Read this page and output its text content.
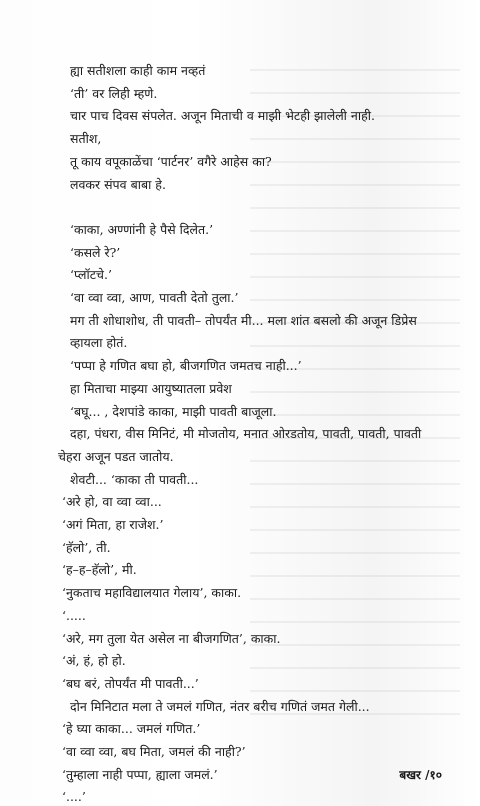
ह्या सतीशला काही काम नव्हतं
‘ती’ वर लिही म्हणे.
चार पाच दिवस संपलेत. अजून मिताची व माझी भेटही झालेली नाही.
सतीश,
तू काय वपूकाळेंचा ‘पार्टनर’ वगैरे आहेस का?
लवकर संपव बाबा हे.
‘काका, अण्णांनी हे पैसे दिलेत.’
‘कसले रे?’
‘प्लॉटचे.’
‘वा व्वा व्वा, आण, पावती देतो तुला.’
मग ती शोधाशोध, ती पावती– तोपर्यंत मी... मला शांत बसलो की अजून डिप्रेस
व्हायला होतं.
‘पप्पा हे गणित बघा हो, बीजगणित जमतच नाही...’
हा मिताचा माझ्या आयुष्यातला प्रवेश
‘बघू... , देशपांडे काका, माझी पावती बाजूला.
दहा, पंधरा, वीस मिनिटं, मी मोजतोय, मनात ओरडतोय, पावती, पावती, पावती
चेहरा अजून पडत जातोय.
शेवटी... ‘काका ती पावती...
‘अरे हो, वा व्वा व्वा...
‘अगं मिता, हा राजेश.’
‘हॅलो’, ती.
‘ह–ह–हॅलो’, मी.
‘नुकताच महाविद्यालयात गेलाय’, काका.
‘.....
‘अरे, मग तुला येत असेल ना बीजगणित’, काका.
‘अं, हं, हो हो.
‘बघ बरं, तोपर्यंत मी पावती...’
दोन मिनिटात मला ते जमलं गणित, नंतर बरीच गणितं जमत गेली...
‘हे घ्या काका... जमलं गणित.’
‘वा व्वा व्वा, बघ मिता, जमलं की नाही?’
‘तुम्हाला नाही पप्पा, ह्याला जमलं.’
‘....’
बखर /१०
